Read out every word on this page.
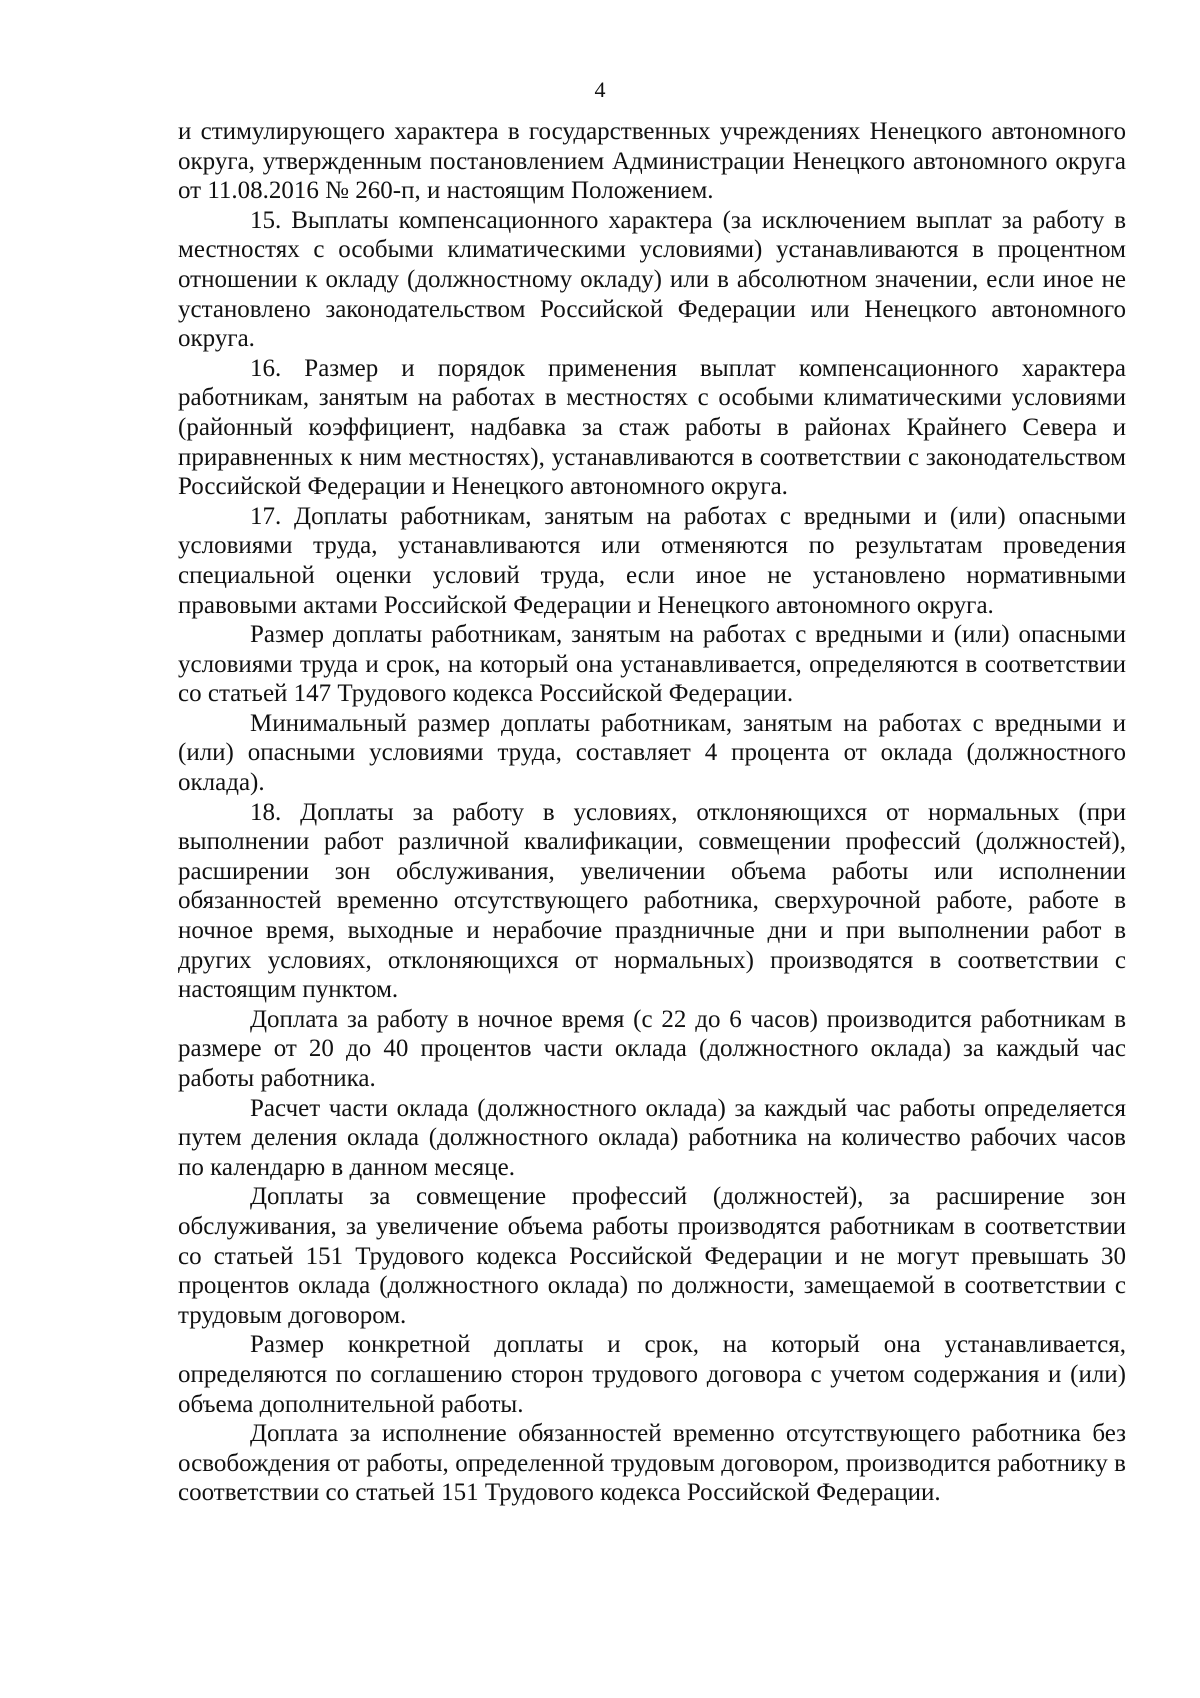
4

и стимулирующего характера в государственных учреждениях Ненецкого автономного округа, утвержденным постановлением Администрации Ненецкого автономного округа от 11.08.2016 № 260-п, и настоящим Положением.

15. Выплаты компенсационного характера (за исключением выплат за работу в местностях с особыми климатическими условиями) устанавливаются в процентном отношении к окладу (должностному окладу) или в абсолютном значении, если иное не установлено законодательством Российской Федерации или Ненецкого автономного округа.

16. Размер и порядок применения выплат компенсационного характера работникам, занятым на работах в местностях с особыми климатическими условиями (районный коэффициент, надбавка за стаж работы в районах Крайнего Севера и приравненных к ним местностях), устанавливаются в соответствии с законодательством Российской Федерации и Ненецкого автономного округа.

17. Доплаты работникам, занятым на работах с вредными и (или) опасными условиями труда, устанавливаются или отменяются по результатам проведения специальной оценки условий труда, если иное не установлено нормативными правовыми актами Российской Федерации и Ненецкого автономного округа.

Размер доплаты работникам, занятым на работах с вредными и (или) опасными условиями труда и срок, на который она устанавливается, определяются в соответствии со статьей 147 Трудового кодекса Российской Федерации.

Минимальный размер доплаты работникам, занятым на работах с вредными и (или) опасными условиями труда, составляет 4 процента от оклада (должностного оклада).

18. Доплаты за работу в условиях, отклоняющихся от нормальных (при выполнении работ различной квалификации, совмещении профессий (должностей), расширении зон обслуживания, увеличении объема работы или исполнении обязанностей временно отсутствующего работника, сверхурочной работе, работе в ночное время, выходные и нерабочие праздничные дни и при выполнении работ в других условиях, отклоняющихся от нормальных) производятся в соответствии с настоящим пунктом.

Доплата за работу в ночное время (с 22 до 6 часов) производится работникам в размере от 20 до 40 процентов части оклада (должностного оклада) за каждый час работы работника.

Расчет части оклада (должностного оклада) за каждый час работы определяется путем деления оклада (должностного оклада) работника на количество рабочих часов по календарю в данном месяце.

Доплаты за совмещение профессий (должностей), за расширение зон обслуживания, за увеличение объема работы производятся работникам в соответствии со статьей 151 Трудового кодекса Российской Федерации и не могут превышать 30 процентов оклада (должностного оклада) по должности, замещаемой в соответствии с трудовым договором.

Размер конкретной доплаты и срок, на который она устанавливается, определяются по соглашению сторон трудового договора с учетом содержания и (или) объема дополнительной работы.

Доплата за исполнение обязанностей временно отсутствующего работника без освобождения от работы, определенной трудовым договором, производится работнику в соответствии со статьей 151 Трудового кодекса Российской Федерации.
